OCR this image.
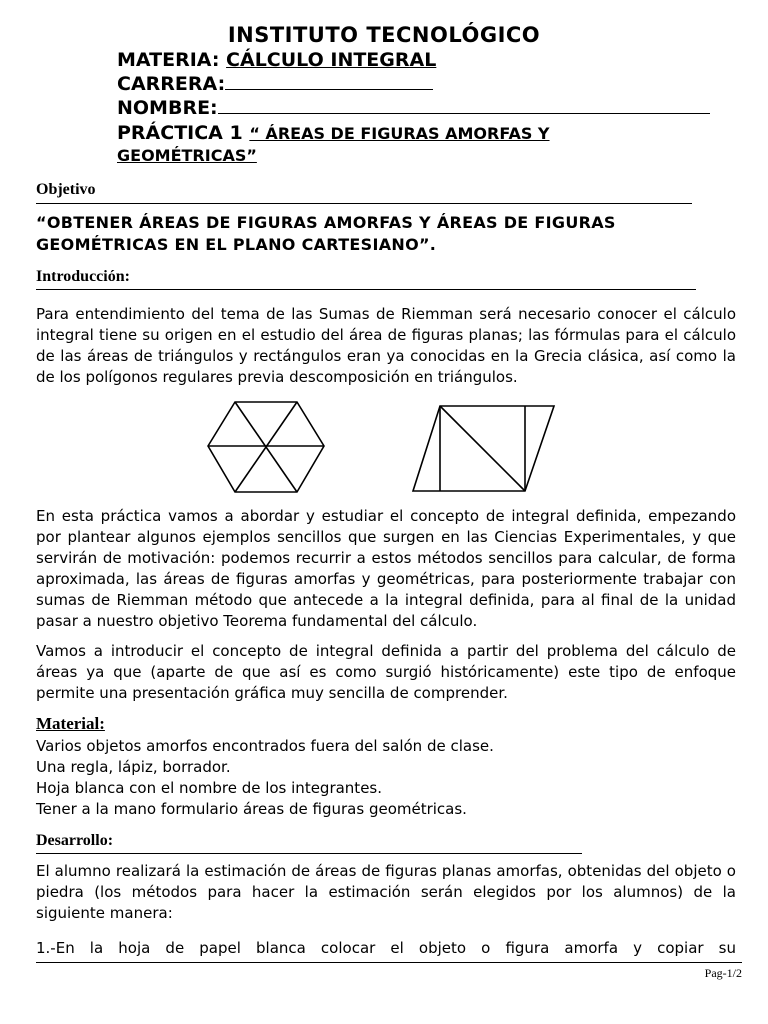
INSTITUTO TECNOLÓGICO
MATERIA: CÁLCULO INTEGRAL
CARRERA:
NOMBRE:
PRÁCTICA 1 “ ÁREAS DE FIGURAS AMORFAS Y
GEOMÉTRICAS”
Objetivo
“OBTENER ÁREAS DE FIGURAS AMORFAS Y ÁREAS DE FIGURAS
GEOMÉTRICAS EN EL PLANO CARTESIANO”.
Introducción:

Para entendimiento del tema de las Sumas de Riemman será necesario conocer el cálculo integral tiene su origen en el estudio del área de figuras planas; las fórmulas para el cálculo de las áreas de triángulos y rectángulos eran ya conocidas en la Grecia clásica, así como la de los polígonos regulares previa descomposición en triángulos.

En esta práctica vamos a abordar y estudiar el concepto de integral definida, empezando por plantear algunos ejemplos sencillos que surgen en las Ciencias Experimentales, y que servirán de motivación: podemos recurrir a estos métodos sencillos para calcular, de forma aproximada, las áreas de figuras amorfas y geométricas, para posteriormente trabajar con sumas de Riemman método que antecede a la integral definida, para al final de la unidad pasar a nuestro objetivo Teorema fundamental del cálculo.

Vamos a introducir el concepto de integral definida a partir del problema del cálculo de áreas ya que (aparte de que así es como surgió históricamente) este tipo de enfoque permite una presentación gráfica muy sencilla de comprender.

Material:
Varios objetos amorfos encontrados fuera del salón de clase.
Una regla, lápiz, borrador.
Hoja blanca con el nombre de los integrantes.
Tener a la mano formulario áreas de figuras geométricas.
Desarrollo:

El alumno realizará la estimación de áreas de figuras planas amorfas, obtenidas del objeto o piedra (los métodos para hacer la estimación serán elegidos por los alumnos) de la siguiente manera:

1.-En la hoja de papel blanca colocar el objeto o figura amorfa y copiar su
Pag-1/2
